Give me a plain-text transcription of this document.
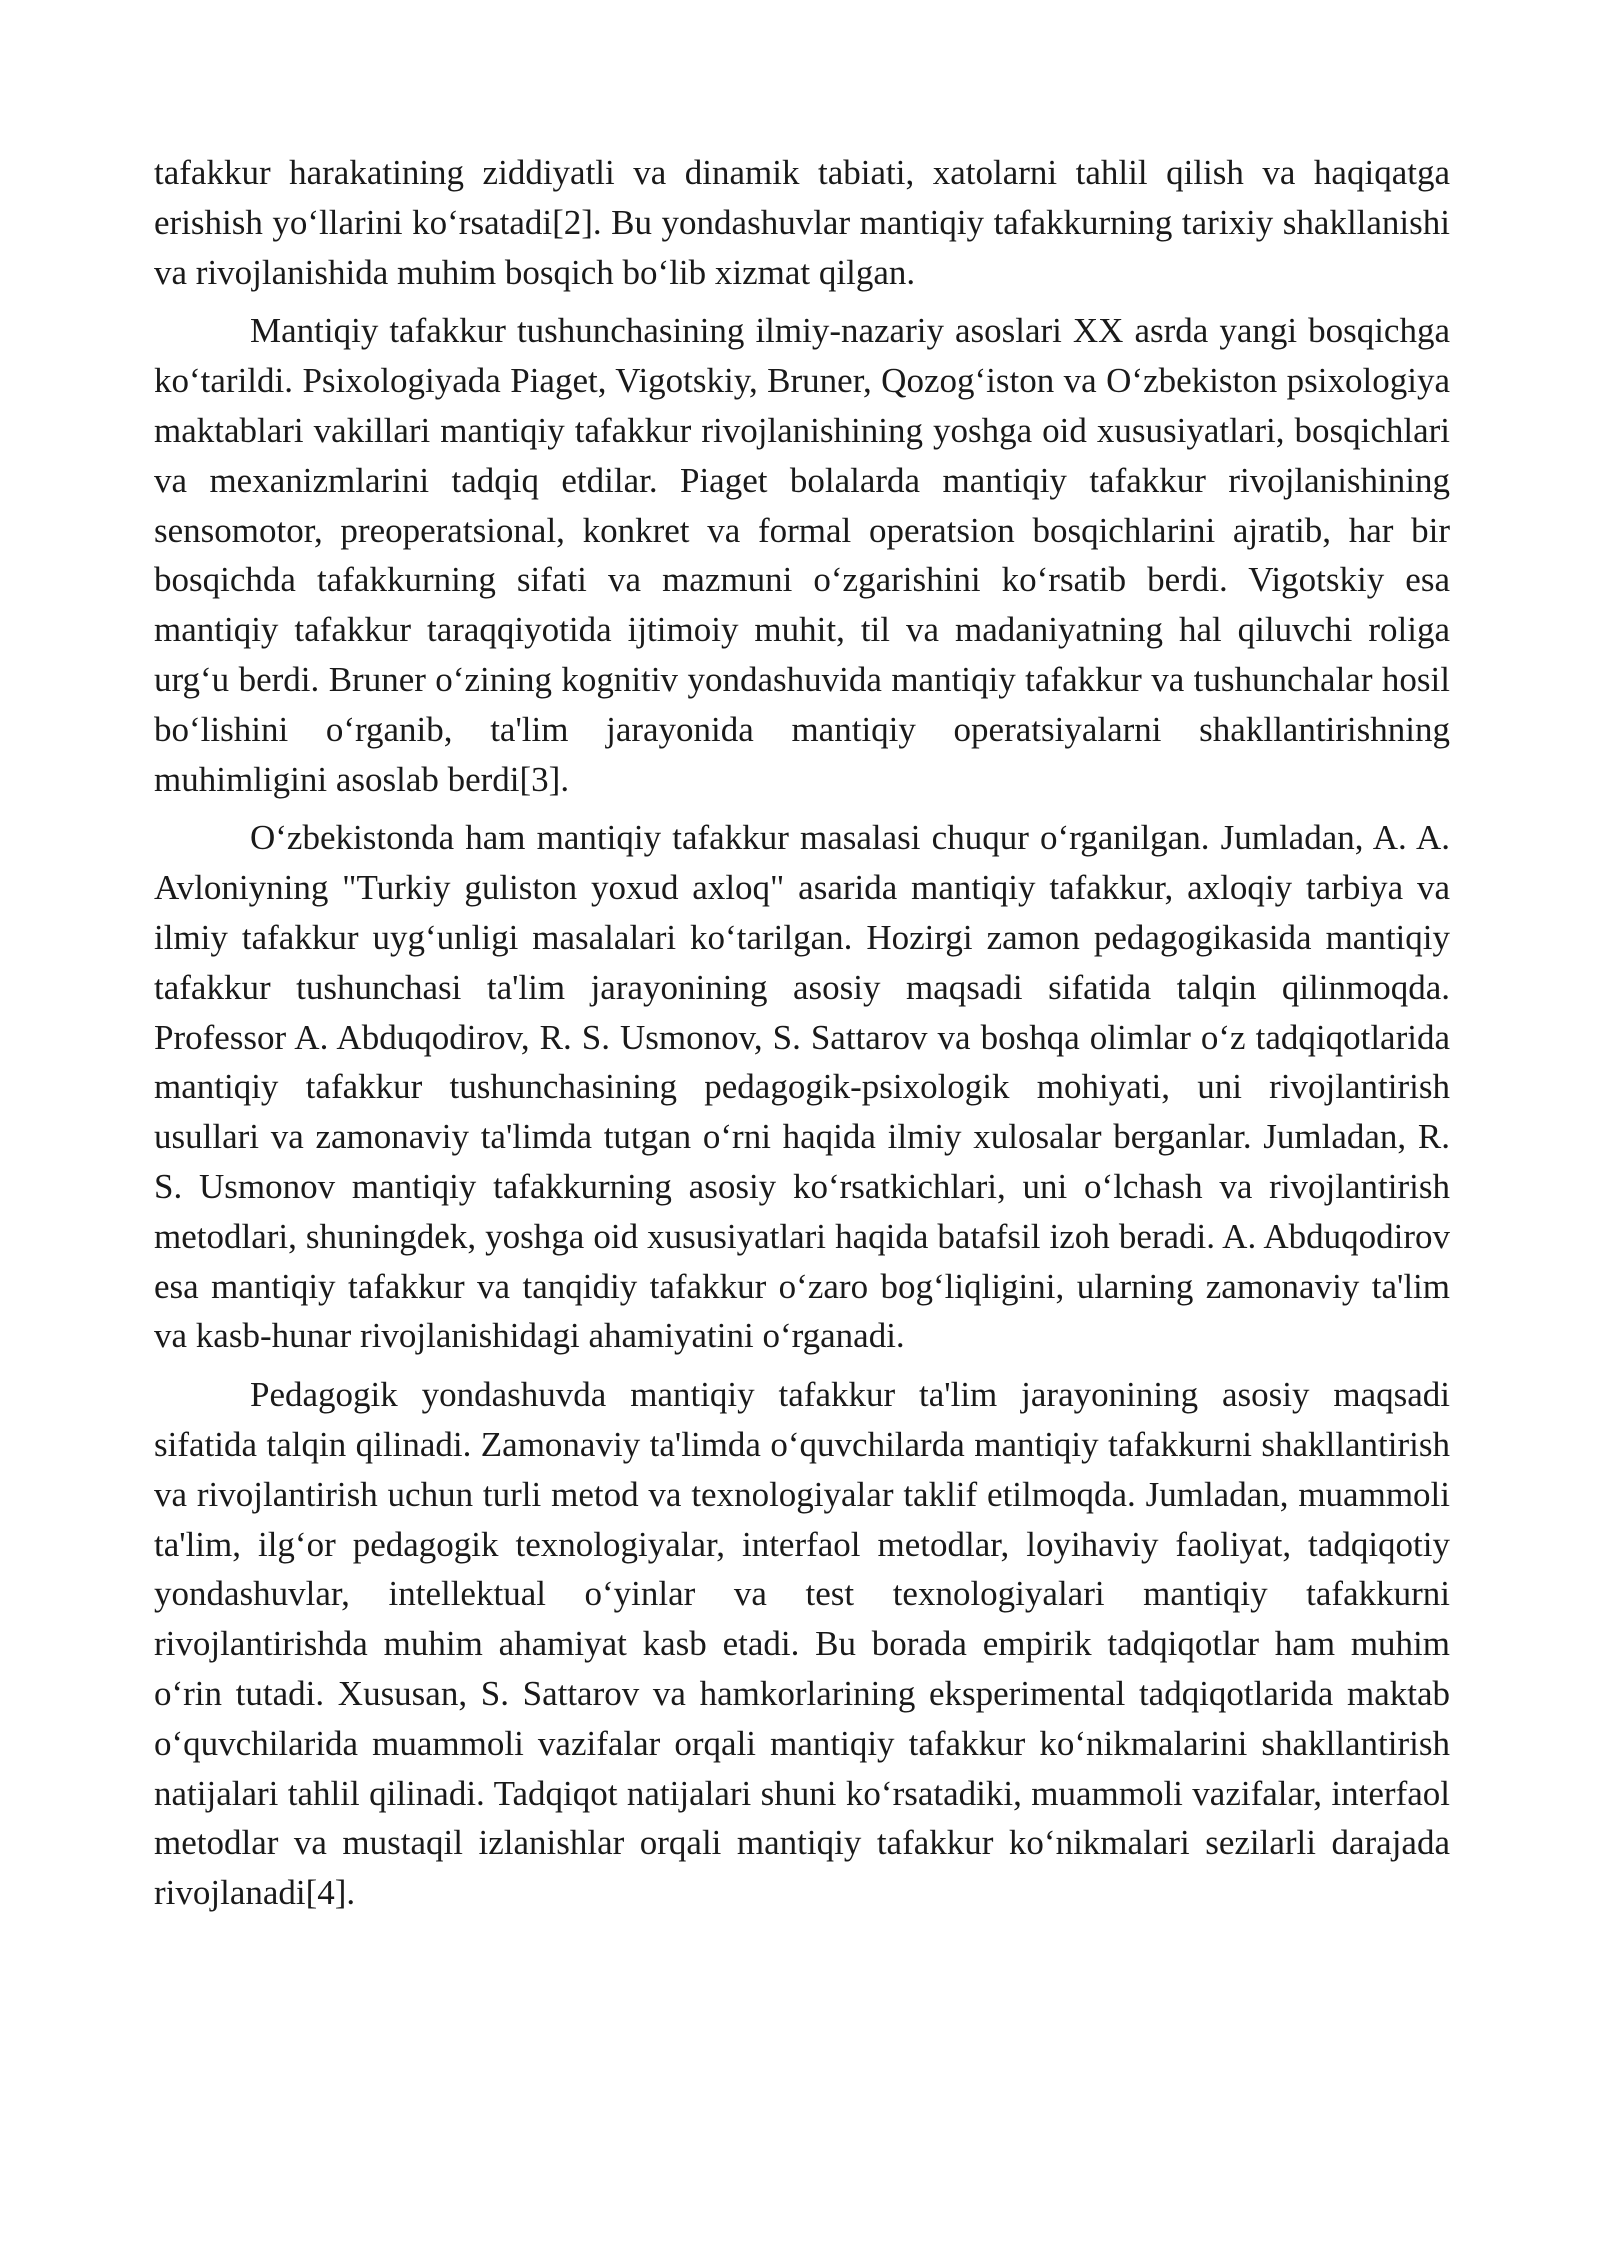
tafakkur harakatining ziddiyatli va dinamik tabiati, xatolarni tahlil qilish va haqiqatga erishish yo‘llarini ko‘rsatadi[2]. Bu yondashuvlar mantiqiy tafakkurning tarixiy shakllanishi va rivojlanishida muhim bosqich bo‘lib xizmat qilgan.

Mantiqiy tafakkur tushunchasining ilmiy-nazariy asoslari XX asrda yangi bosqichga ko‘tarildi. Psixologiyada Piaget, Vigotskiy, Bruner, Qozog‘iston va O‘zbekiston psixologiya maktablari vakillari mantiqiy tafakkur rivojlanishining yoshga oid xususiyatlari, bosqichlari va mexanizmlarini tadqiq etdilar. Piaget bolalarda mantiqiy tafakkur rivojlanishining sensomotor, preoperatsional, konkret va formal operatsion bosqichlarini ajratib, har bir bosqichda tafakkurning sifati va mazmuni o‘zgarishini ko‘rsatib berdi. Vigotskiy esa mantiqiy tafakkur taraqqiyotida ijtimoiy muhit, til va madaniyatning hal qiluvchi roliga urg‘u berdi. Bruner o‘zining kognitiv yondashuvida mantiqiy tafakkur va tushunchalar hosil bo‘lishini o‘rganib, ta'lim jarayonida mantiqiy operatsiyalarni shakllantirishning muhimligini asoslab berdi[3].

O‘zbekistonda ham mantiqiy tafakkur masalasi chuqur o‘rganilgan. Jumladan, A. A. Avloniyning "Turkiy guliston yoxud axloq" asarida mantiqiy tafakkur, axloqiy tarbiya va ilmiy tafakkur uyg‘unligi masalalari ko‘tarilgan. Hozirgi zamon pedagogikasida mantiqiy tafakkur tushunchasi ta'lim jarayonining asosiy maqsadi sifatida talqin qilinmoqda. Professor A. Abduqodirov, R. S. Usmonov, S. Sattarov va boshqa olimlar o‘z tadqiqotlarida mantiqiy tafakkur tushunchasining pedagogik-psixologik mohiyati, uni rivojlantirish usullari va zamonaviy ta'limda tutgan o‘rni haqida ilmiy xulosalar berganlar. Jumladan, R. S. Usmonov mantiqiy tafakkurning asosiy ko‘rsatkichlari, uni o‘lchash va rivojlantirish metodlari, shuningdek, yoshga oid xususiyatlari haqida batafsil izoh beradi. A. Abduqodirov esa mantiqiy tafakkur va tanqidiy tafakkur o‘zaro bog‘liqligini, ularning zamonaviy ta'lim va kasb-hunar rivojlanishidagi ahamiyatini o‘rganadi.

Pedagogik yondashuvda mantiqiy tafakkur ta'lim jarayonining asosiy maqsadi sifatida talqin qilinadi. Zamonaviy ta'limda o‘quvchilarda mantiqiy tafakkurni shakllantirish va rivojlantirish uchun turli metod va texnologiyalar taklif etilmoqda. Jumladan, muammoli ta'lim, ilg‘or pedagogik texnologiyalar, interfaol metodlar, loyihaviy faoliyat, tadqiqotiy yondashuvlar, intellektual o‘yinlar va test texnologiyalari mantiqiy tafakkurni rivojlantirishda muhim ahamiyat kasb etadi. Bu borada empirik tadqiqotlar ham muhim o‘rin tutadi. Xususan, S. Sattarov va hamkorlarining eksperimental tadqiqotlarida maktab o‘quvchilarida muammoli vazifalar orqali mantiqiy tafakkur ko‘nikmalarini shakllantirish natijalari tahlil qilinadi. Tadqiqot natijalari shuni ko‘rsatadiki, muammoli vazifalar, interfaol metodlar va mustaqil izlanishlar orqali mantiqiy tafakkur ko‘nikmalari sezilarli darajada rivojlanadi[4].
